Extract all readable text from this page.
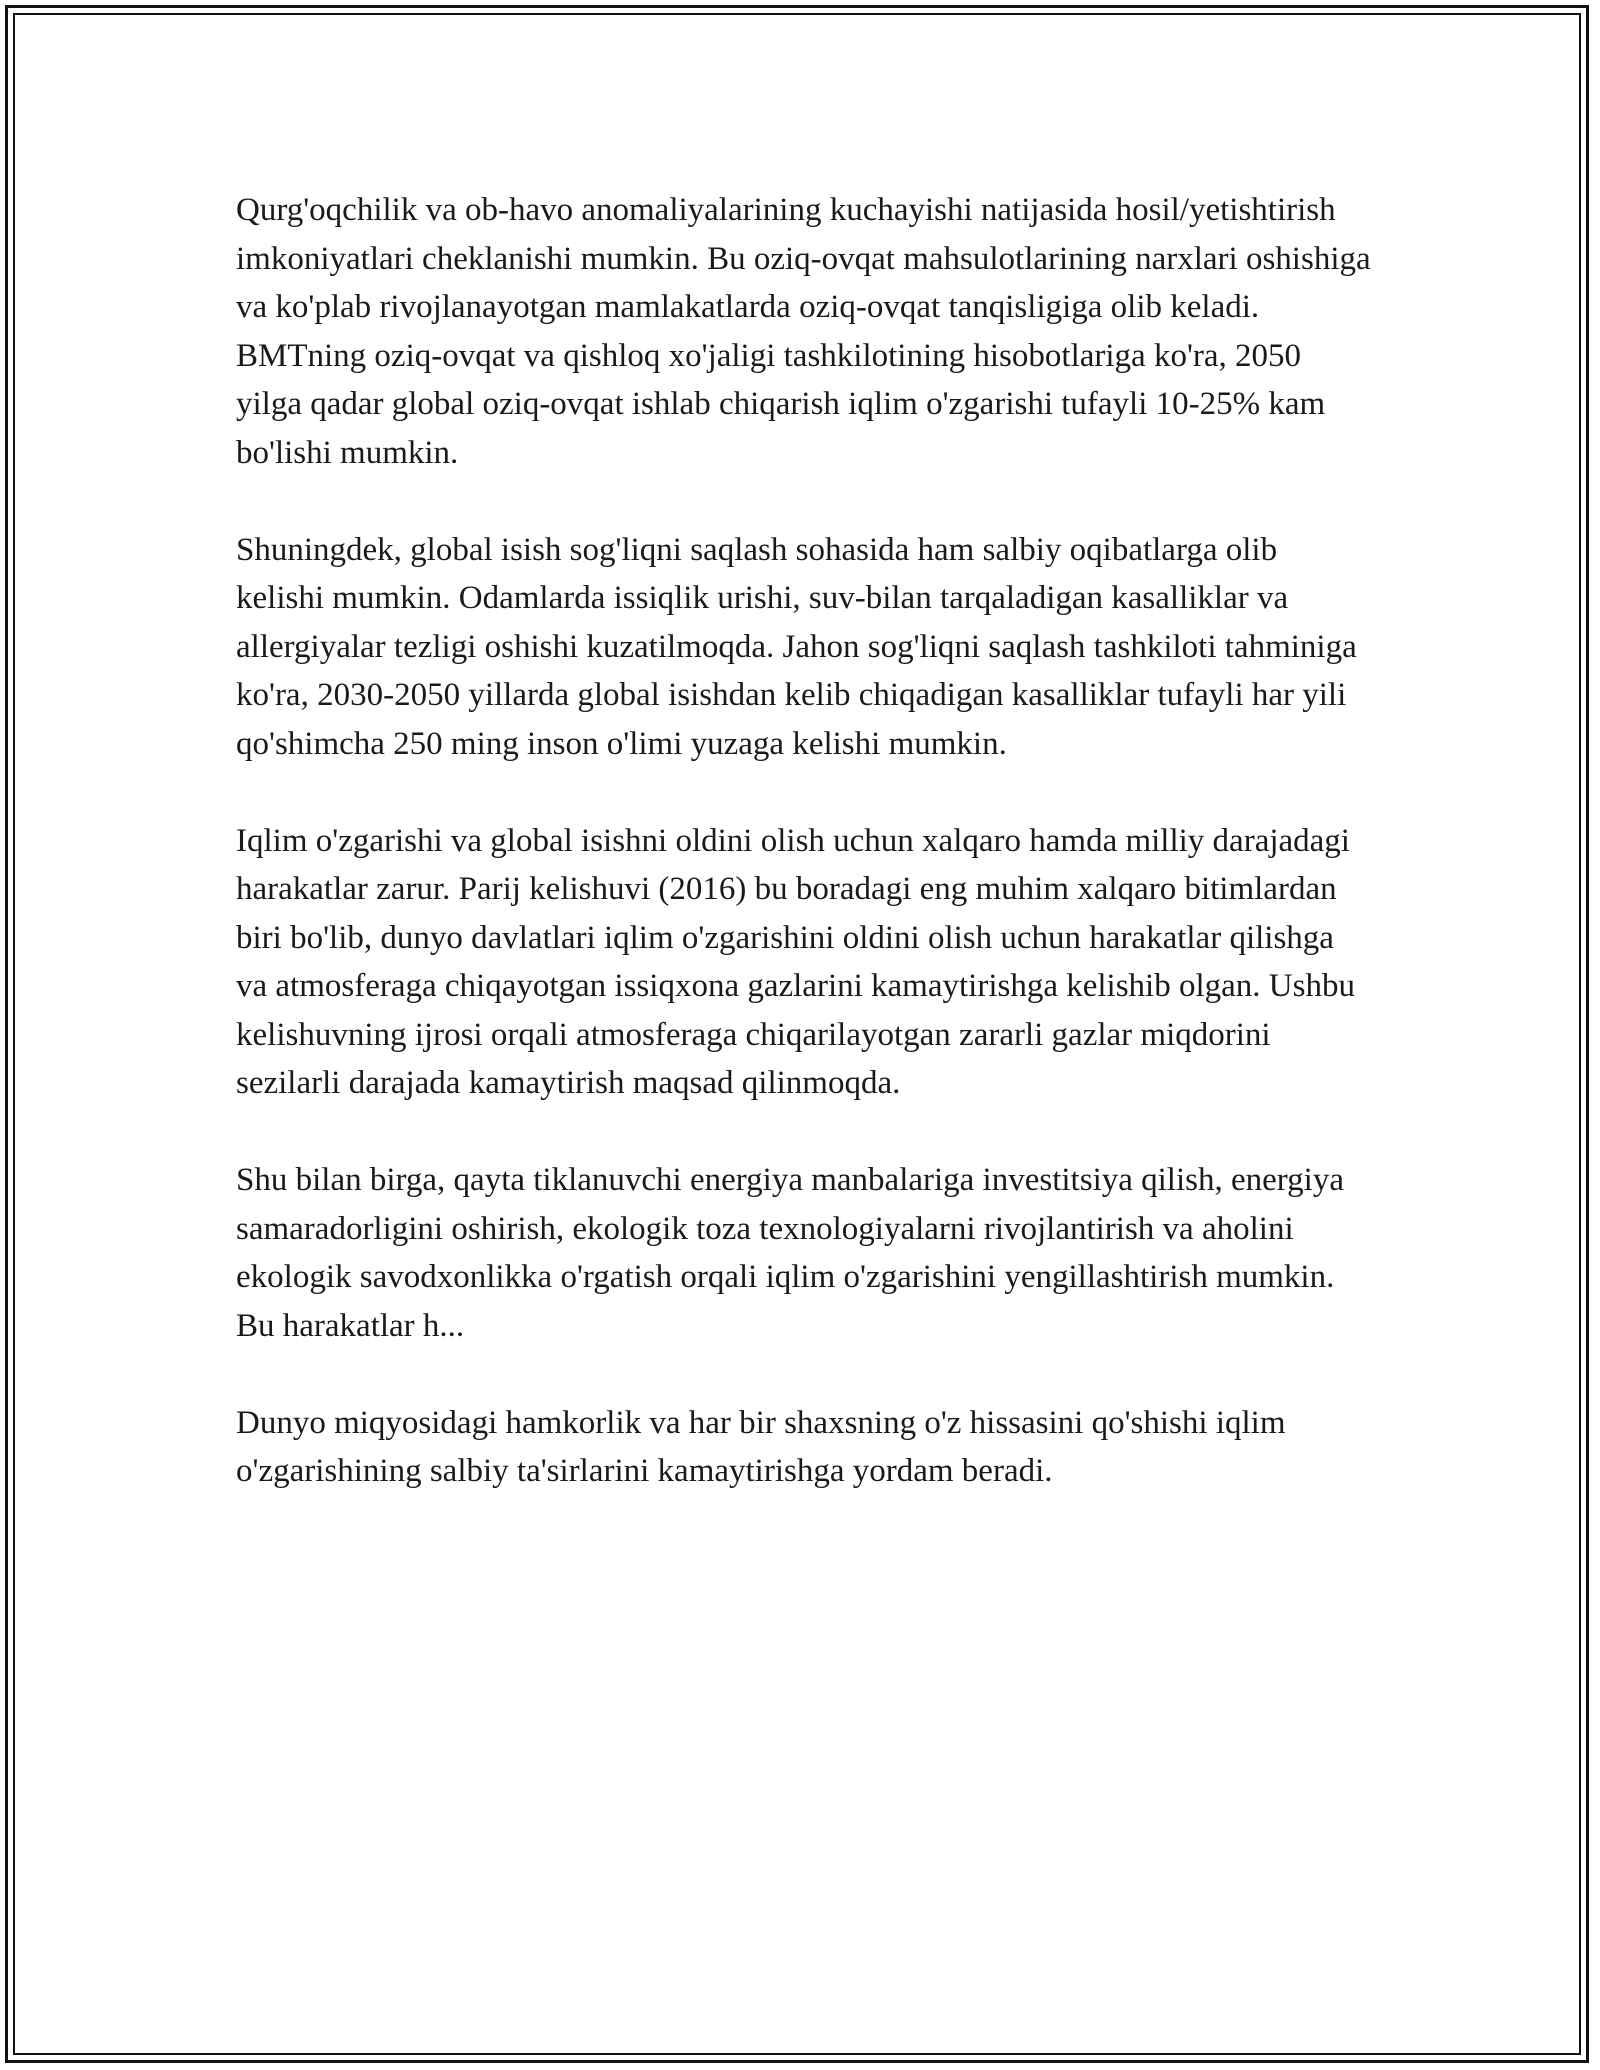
Qurg'oqchilik va ob-havo anomaliyalarining kuchayishi natijasida hosil/yetishtirish imkoniyatlari cheklanishi mumkin. Bu oziq-ovqat mahsulotlarining narxlari oshishiga va ko'plab rivojlanayotgan mamlakatlarda oziq-ovqat tanqisligiga olib keladi. BMTning oziq-ovqat va qishloq xo'jaligi tashkilotining hisobotlariga ko'ra, 2050 yilga qadar global oziq-ovqat ishlab chiqarish iqlim o'zgarishi tufayli 10-25% kam bo'lishi mumkin.

Shuningdek, global isish sog'liqni saqlash sohasida ham salbiy oqibatlarga olib kelishi mumkin. Odamlarda issiqlik urishi, suv-bilan tarqaladigan kasalliklar va allergiyalar tezligi oshishi kuzatilmoqda. Jahon sog'liqni saqlash tashkiloti tahminiga ko'ra, 2030-2050 yillarda global isishdan kelib chiqadigan kasalliklar tufayli har yili qo'shimcha 250 ming inson o'limi yuzaga kelishi mumkin.

Iqlim o'zgarishi va global isishni oldini olish uchun xalqaro hamda milliy darajadagi harakatlar zarur. Parij kelishuvi (2016) bu boradagi eng muhim xalqaro bitimlardan biri bo'lib, dunyo davlatlari iqlim o'zgarishini oldini olish uchun harakatlar qilishga va atmosferaga chiqayotgan issiqxona gazlarini kamaytirishga kelishib olgan. Ushbu kelishuvning ijrosi orqali atmosferaga chiqarilayotgan zararli gazlar miqdorini sezilarli darajada kamaytirish maqsad qilinmoqda.

Shu bilan birga, qayta tiklanuvchi energiya manbalariga investitsiya qilish, energiya samaradorligini oshirish, ekologik toza texnologiyalarni rivojlantirish va aholini ekologik savodxonlikka o'rgatish orqali iqlim o'zgarishini yengillashtirish mumkin. Bu harakatlar h...

Dunyo miqyosidagi hamkorlik va har bir shaxsning o'z hissasini qo'shishi iqlim o'zgarishining salbiy ta'sirlarini kamaytirishga yordam beradi.
